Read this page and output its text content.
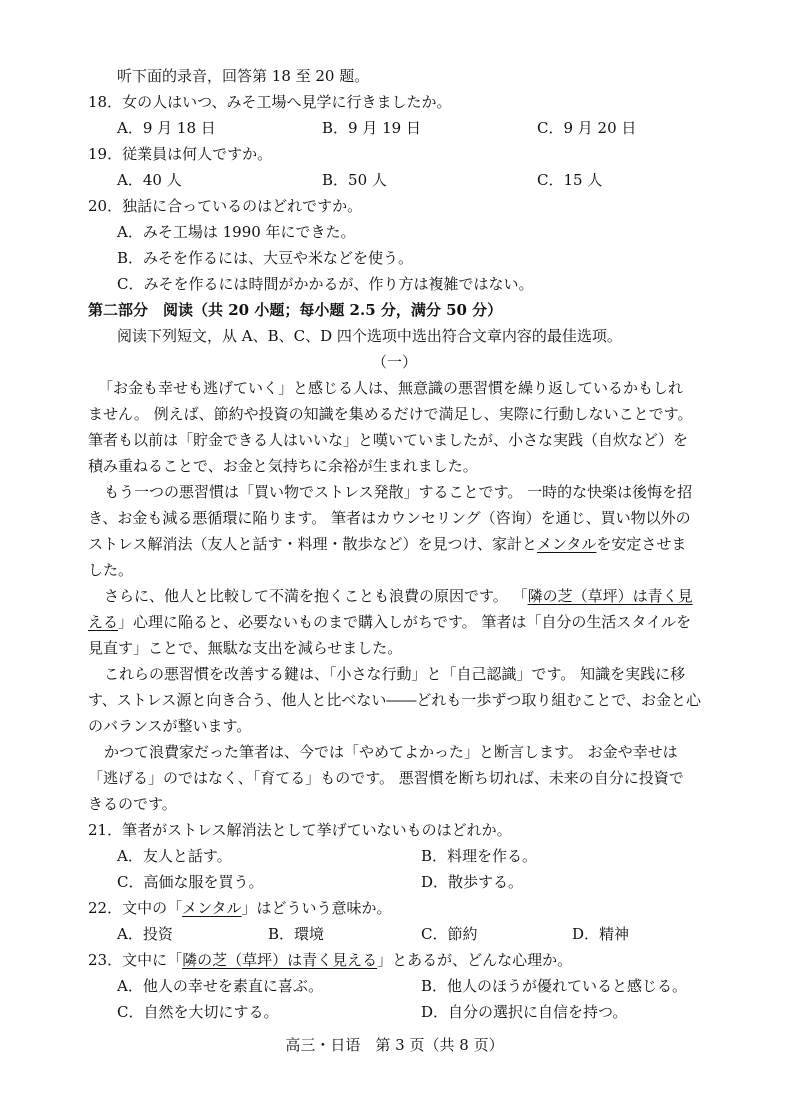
听下面的录音，回答第 18 至 20 题。
18．女の人はいつ、みそ工場へ見学に行きましたか。
A．9 月 18 日	B．9 月 19 日	C．9 月 20 日
19．従業員は何人ですか。
A．40 人	B．50 人	C．15 人
20．独話に合っているのはどれですか。
A．みそ工場は 1990 年にできた。
B．みそを作るには、大豆や米などを使う。
C．みそを作るには時間がかかるが、作り方は複雑ではない。
第二部分　阅读（共 20 小题；每小题 2.5 分，满分 50 分）
阅读下列短文，从 A、B、C、D 四个选项中选出符合文章内容的最佳选项。
（一）
「お金も幸せも逃げていく」と感じる人は、無意識の悪習慣を繰り返しているかもしれ
ません。 例えば、節約や投資の知識を集めるだけで満足し、実際に行動しないことです。
筆者も以前は「貯金できる人はいいな」と嘆いていましたが、小さな実践（自炊など）を
積み重ねることで、お金と気持ちに余裕が生まれました。
もう一つの悪習慣は「買い物でストレス発散」することです。 一時的な快楽は後悔を招
き、お金も減る悪循環に陥ります。 筆者はカウンセリング（咨询）を通じ、買い物以外の
ストレス解消法（友人と話す・料理・散歩など）を見つけ、家計とメンタルを安定させま
した。
さらに、他人と比較して不満を抱くことも浪費の原因です。 「隣の芝（草坪）は青く見
える」心理に陥ると、必要ないものまで購入しがちです。 筆者は「自分の生活スタイルを
見直す」ことで、無駄な支出を減らせました。
これらの悪習慣を改善する鍵は、「小さな行動」と「自己認識」です。 知識を実践に移
す、ストレス源と向き合う、他人と比べない――どれも一歩ずつ取り組むことで、お金と心
のバランスが整います。
かつて浪費家だった筆者は、今では「やめてよかった」と断言します。 お金や幸せは
「逃げる」のではなく、「育てる」ものです。 悪習慣を断ち切れば、未来の自分に投資で
きるのです。
21．筆者がストレス解消法として挙げていないものはどれか。
A．友人と話す。	B．料理を作る。
C．高価な服を買う。	D．散歩する。
22．文中の「メンタル」はどういう意味か。
A．投资	B．環境	C．節約	D．精神
23．文中に「隣の芝（草坪）は青く見える」とあるが、どんな心理か。
A．他人の幸せを素直に喜ぶ。	B．他人のほうが優れていると感じる。
C．自然を大切にする。	D．自分の選択に自信を持つ。
高三・日语　第 3 页（共 8 页）
